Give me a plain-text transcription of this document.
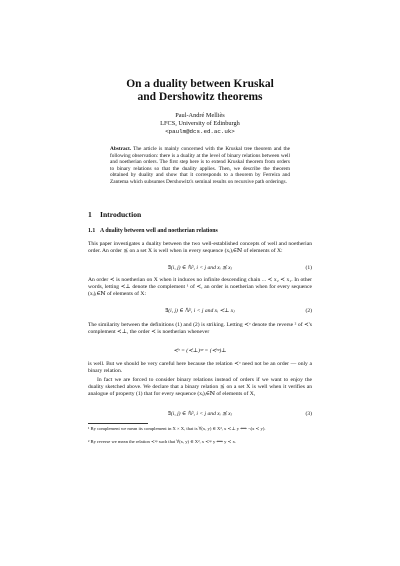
On a duality between Kruskal
and Dershowitz theorems
Paul-André Melliès
LFCS, University of Edinburgh
<paulm@dcs.ed.ac.uk>
Abstract. The article is mainly concerned with the Kruskal tree theorem and the following observation: there is a duality at the level of binary relations between well and noetherian orders. The first step here is to extend Kruskal theorem from orders to binary relations so that the duality applies. Then, we describe the theorem obtained by duality and show that it corresponds to a theorem by Ferreira and Zantema which subsumes Dershowitz's seminal results on recursive path orderings.
1 Introduction
1.1 A duality between well and noetherian relations
This paper investigates a duality between the two well-established concepts of well and noetherian order. An order ⪯ on a set X is well when in every sequence (xᵢ)ᵢ∈ℕ of elements of X:
∃(i, j) ∈ ℕ², i < j and xᵢ ⪯ xⱼ	(1)
An order ≺ is noetherian on X when it induces no infinite descending chain ... ≺ x₂ ≺ x₁. In other words, letting ≺⊥ denote the complement ¹ of ≺, an order is noetherian when for every sequence (xᵢ)ᵢ∈ℕ of elements of X:
∃(i, j) ∈ ℕ², i < j and xᵢ ≺⊥ xⱼ	(2)
The similarity between the definitions (1) and (2) is striking. Letting ≺ᵒ denote the reverse ² of ≺'s complement ≺⊥, the order ≺ is noetherian whenever
≺ᵒ = (≺⊥)ᵒᵖ = (≺ᵒᵖ)⊥
is well. But we should be very careful here because the relation ≺ᵒ need not be an order — only a binary relation.
In fact we are forced to consider binary relations instead of orders if we want to enjoy the duality sketched above. We declare that a binary relation ⪯ on a set X is well when it verifies an analogue of property (1) that for every sequence (xᵢ)ᵢ∈ℕ of elements of X,
∃(i, j) ∈ ℕ², i < j and xᵢ ⪯ xⱼ	(3)
¹ By complement we mean its complement in X × X, that is ∀(x, y) ∈ X², x ≺⊥ y ⟺ ¬(x ≺ y).
² By reverse we mean the relation ≺ᵒᵖ such that ∀(x, y) ∈ X², x ≺ᵒᵖ y ⟺ y ≺ x.
